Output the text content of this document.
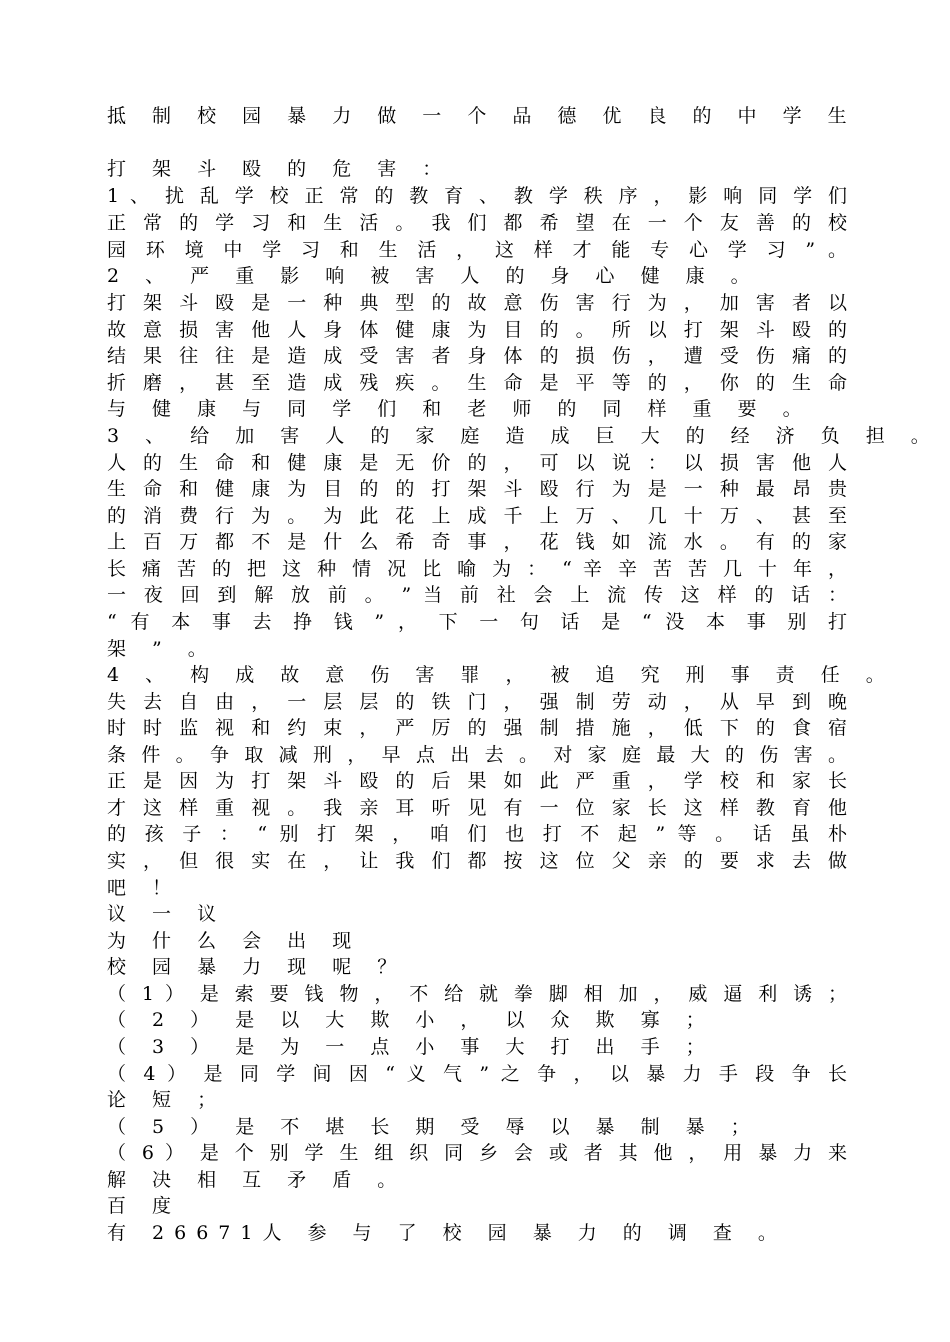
抵 制 校 园 暴 力 做 一 个 品 德 优 良 的 中 学 生
打 架 斗 殴 的 危 害 ：
1 、 扰 乱 学 校 正 常 的 教 育 、 教 学 秩 序 ， 影 响 同 学 们
正 常 的 学 习 和 生 活 。 我 们 都 希 望 在 一 个 友 善 的 校
园 环 境 中 学 习 和 生 活 ， 这 样 才 能 专 心 学 习 ” 。
2 、 严 重 影 响 被 害 人 的 身 心 健 康 。
打 架 斗 殴 是 一 种 典 型 的 故 意 伤 害 行 为 ， 加 害 者 以
故 意 损 害 他 人 身 体 健 康 为 目 的 。 所 以 打 架 斗 殴 的
结 果 往 往 是 造 成 受 害 者 身 体 的 损 伤 ， 遭 受 伤 痛 的
折 磨 ， 甚 至 造 成 残 疾 。 生 命 是 平 等 的 ， 你 的 生 命
与 健 康 与 同 学 们 和 老 师 的 同 样 重 要 。
3 、 给 加 害 人 的 家 庭 造 成 巨 大 的 经 济 负 担 。
人 的 生 命 和 健 康 是 无 价 的 ， 可 以 说 ： 以 损 害 他 人
生 命 和 健 康 为 目 的 的 打 架 斗 殴 行 为 是 一 种 最 昂 贵
的 消 费 行 为 。 为 此 花 上 成 千 上 万 、 几 十 万 、 甚 至
上 百 万 都 不 是 什 么 希 奇 事 ， 花 钱 如 流 水 。 有 的 家
长 痛 苦 的 把 这 种 情 况 比 喻 为 ： “ 辛 辛 苦 苦 几 十 年 ，
一 夜 回 到 解 放 前 。 ” 当 前 社 会 上 流 传 这 样 的 话 ：
“ 有 本 事 去 挣 钱 ” ， 下 一 句 话 是 “ 没 本 事 别 打
架 ” 。
4 、 构 成 故 意 伤 害 罪 ， 被 追 究 刑 事 责 任 。
失 去 自 由 ， 一 层 层 的 铁 门 ， 强 制 劳 动 ， 从 早 到 晚
时 时 监 视 和 约 束 ， 严 厉 的 强 制 措 施 ， 低 下 的 食 宿
条 件 。 争 取 减 刑 ， 早 点 出 去 。 对 家 庭 最 大 的 伤 害 。
正 是 因 为 打 架 斗 殴 的 后 果 如 此 严 重 ， 学 校 和 家 长
才 这 样 重 视 。 我 亲 耳 听 见 有 一 位 家 长 这 样 教 育 他
的 孩 子 ： “ 别 打 架 ， 咱 们 也 打 不 起 ” 等 。 话 虽 朴
实 ， 但 很 实 在 ， 让 我 们 都 按 这 位 父 亲 的 要 求 去 做
吧 ！
议 一 议
为 什 么 会 出 现
校 园 暴 力 现 呢 ？
（ 1 ） 是 索 要 钱 物 ， 不 给 就 拳 脚 相 加 ， 威 逼 利 诱 ；
（ 2 ） 是 以 大 欺 小 ， 以 众 欺 寡 ；
（ 3 ） 是 为 一 点 小 事 大 打 出 手 ；
（ 4 ） 是 同 学 间 因 “ 义 气 ” 之 争 ， 以 暴 力 手 段 争 长
论 短 ；
（ 5 ） 是 不 堪 长 期 受 辱 以 暴 制 暴 ；
（ 6 ） 是 个 别 学 生 组 织 同 乡 会 或 者 其 他 ， 用 暴 力 来
解 决 相 互 矛 盾 。
百 度
有 26671人 参 与 了 校 园 暴 力 的 调 查 。
